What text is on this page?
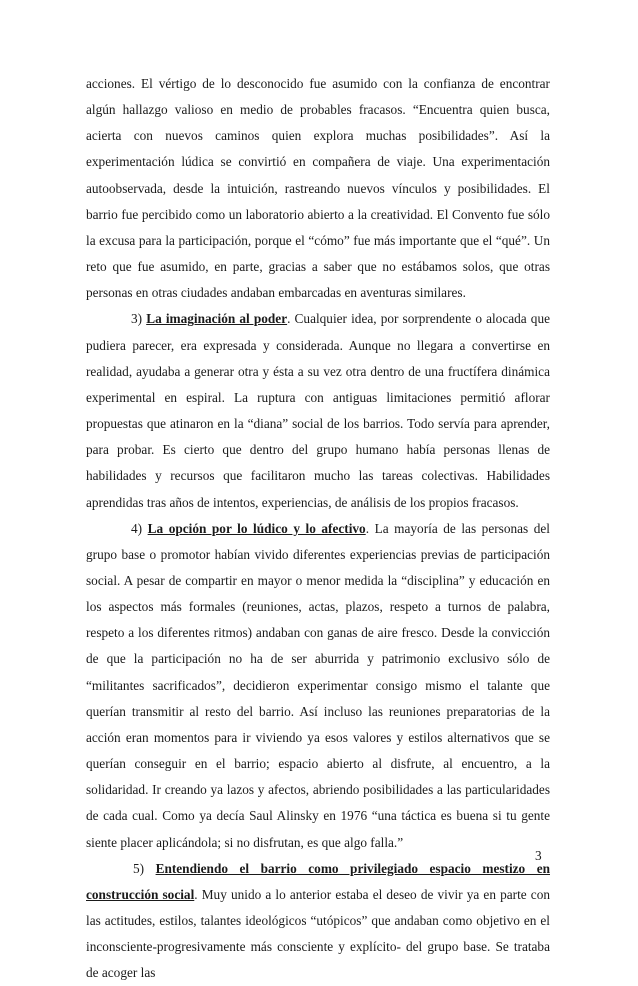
acciones. El vértigo de lo desconocido fue asumido con la confianza de encontrar algún hallazgo valioso en medio de probables fracasos. “Encuentra quien busca, acierta con nuevos caminos quien explora muchas posibilidades”. Así la experimentación lúdica se convirtió en compañera de viaje. Una experimentación autoobservada, desde la intuición, rastreando nuevos vínculos y posibilidades. El barrio fue percibido como un laboratorio abierto a la creatividad. El Convento fue sólo la excusa para la participación, porque el “cómo” fue más importante que el “qué”. Un reto que fue asumido, en parte, gracias a saber que no estábamos solos, que otras personas en otras ciudades andaban embarcadas en aventuras similares.

3) La imaginación al poder. Cualquier idea, por sorprendente o alocada que pudiera parecer, era expresada y considerada. Aunque no llegara a convertirse en realidad, ayudaba a generar otra y ésta a su vez otra dentro de una fructífera dinámica experimental en espiral. La ruptura con antiguas limitaciones permitió aflorar propuestas que atinaron en la “diana” social de los barrios. Todo servía para aprender, para probar. Es cierto que dentro del grupo humano había personas llenas de habilidades y recursos que facilitaron mucho las tareas colectivas. Habilidades aprendidas tras años de intentos, experiencias, de análisis de los propios fracasos.

4) La opción por lo lúdico y lo afectivo. La mayoría de las personas del grupo base o promotor habían vivido diferentes experiencias previas de participación social. A pesar de compartir en mayor o menor medida la “disciplina” y educación en los aspectos más formales (reuniones, actas, plazos, respeto a turnos de palabra, respeto a los diferentes ritmos) andaban con ganas de aire fresco. Desde la convicción de que la participación no ha de ser aburrida y patrimonio exclusivo sólo de “militantes sacrificados”, decidieron experimentar consigo mismo el talante que querían transmitir al resto del barrio. Así incluso las reuniones preparatorias de la acción eran momentos para ir viviendo ya esos valores y estilos alternativos que se querían conseguir en el barrio; espacio abierto al disfrute, al encuentro, a la solidaridad. Ir creando ya lazos y afectos, abriendo posibilidades a las particularidades de cada cual. Como ya decía Saul Alinsky en 1976 “una táctica es buena si tu gente siente placer aplicándola; si no disfrutan, es que algo falla.”

5) Entendiendo el barrio como privilegiado espacio mestizo en construcción social. Muy unido a lo anterior estaba el deseo de vivir ya en parte con las actitudes, estilos, talantes ideológicos “utópicos” que andaban como objetivo en el inconsciente-progresivamente más consciente y explícito- del grupo base. Se trataba de acoger las

3
